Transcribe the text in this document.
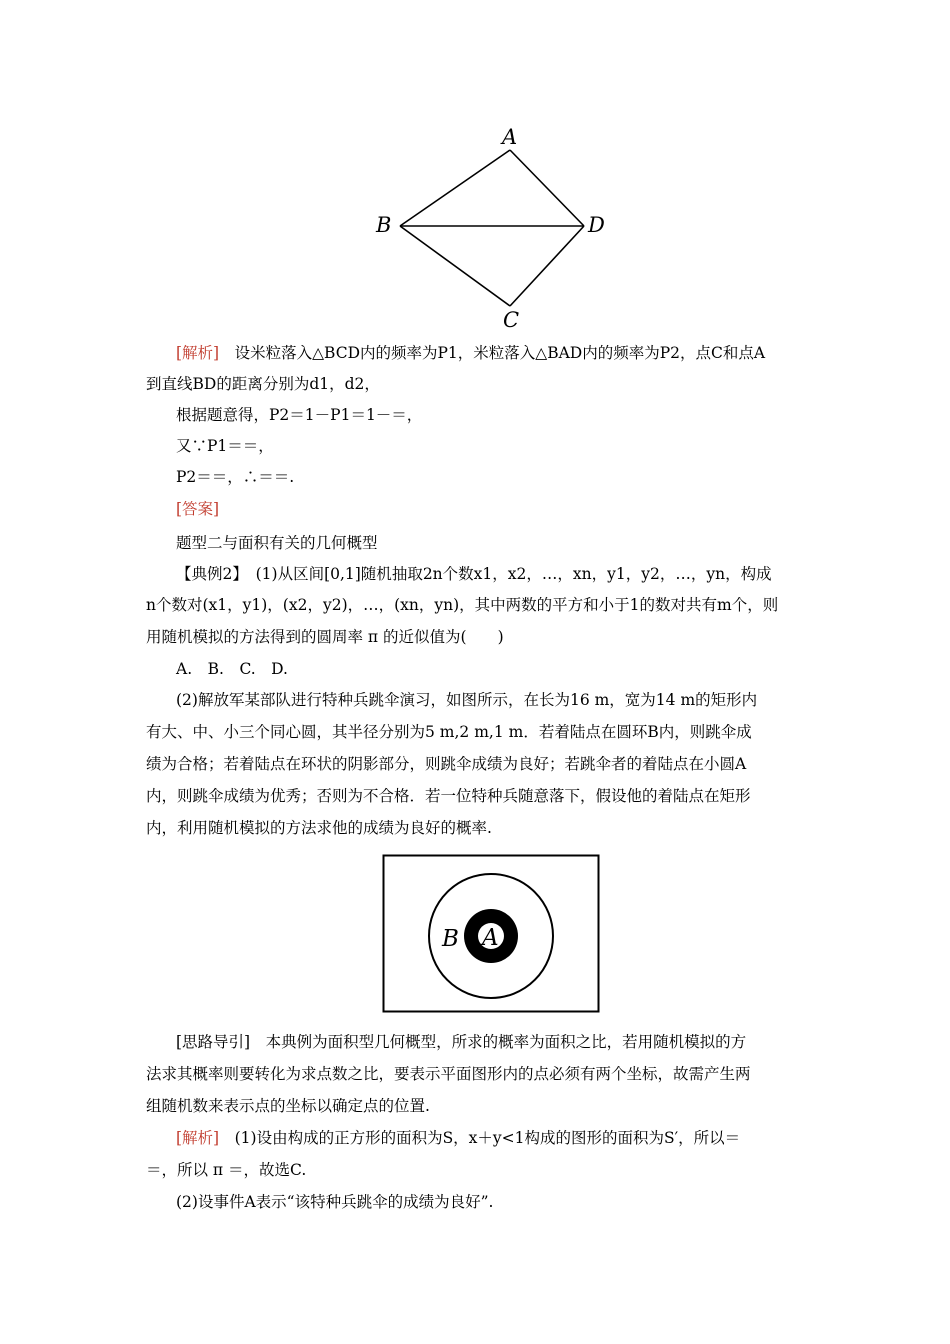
A
B	D
C
[解析]　设米粒落入△BCD内的频率为P1，米粒落入△BAD内的频率为P2，点C和点A
到直线BD的距离分别为d1，d2，
根据题意得，P2＝1－P1＝1－＝，
又∵P1＝＝，
P2＝＝，∴＝＝.
[答案]
题型二与面积有关的几何概型
【典例2】　(1)从区间[0,1]随机抽取2n个数x1，x2，…，xn，y1，y2，…，yn，构成
n个数对(x1，y1)，(x2，y2)，…，(xn，yn)，其中两数的平方和小于1的数对共有m个，则
用随机模拟的方法得到的圆周率 π 的近似值为(　　)
A.　B.　C.　D.
(2)解放军某部队进行特种兵跳伞演习，如图所示，在长为16 m，宽为14 m的矩形内
有大、中、小三个同心圆，其半径分别为5 m,2 m,1 m．若着陆点在圆环B内，则跳伞成
绩为合格；若着陆点在环状的阴影部分，则跳伞成绩为良好；若跳伞者的着陆点在小圆A
内，则跳伞成绩为优秀；否则为不合格．若一位特种兵随意落下，假设他的着陆点在矩形
内，利用随机模拟的方法求他的成绩为良好的概率.
B A
[思路导引]　本典例为面积型几何概型，所求的概率为面积之比，若用随机模拟的方
法求其概率则要转化为求点数之比，要表示平面图形内的点必须有两个坐标，故需产生两
组随机数来表示点的坐标以确定点的位置.
[解析]　(1)设由构成的正方形的面积为S，x＋y<1构成的图形的面积为S′，所以＝
＝，所以 π ＝，故选C.
(2)设事件A表示“该特种兵跳伞的成绩为良好”.
